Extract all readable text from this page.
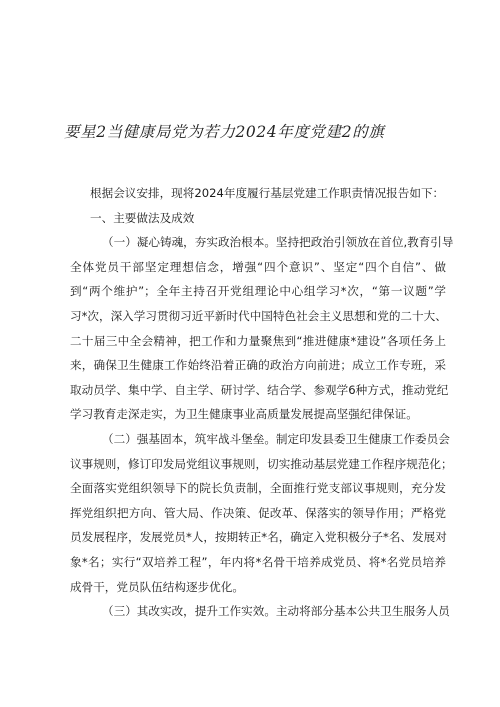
要星2当健康局党为若力2024年度党建2的旗
根据会议安排，现将2024年度履行基层党建工作职责情况报告如下：
一、主要做法及成效
（一）凝心铸魂，夯实政治根本。坚持把政治引领放在首位,教育引导
全体党员干部坚定理想信念，增强“四个意识”、坚定“四个自信”、做
到“两个维护”；全年主持召开党组理论中心组学习*次，“第一议题”学
习*次，深入学习贯彻习近平新时代中国特色社会主义思想和党的二十大、
二十届三中全会精神，把工作和力量聚焦到“推进健康*建设”各项任务上
来，确保卫生健康工作始终沿着正确的政治方向前进；成立工作专班，采
取动员学、集中学、自主学、研讨学、结合学、参观学6种方式，推动党纪
学习教育走深走实，为卫生健康事业高质量发展提高坚强纪律保证。
（二）强基固本，筑牢战斗堡垒。制定印发县委卫生健康工作委员会
议事规则，修订印发局党组议事规则，切实推动基层党建工作程序规范化；
全面落实党组织领导下的院长负责制，全面推行党支部议事规则，充分发
挥党组织把方向、管大局、作决策、促改革、保落实的领导作用；严格党
员发展程序，发展党员*人，按期转正*名，确定入党积极分子*名、发展对
象*名；实行“双培养工程”，年内将*名骨干培养成党员、将*名党员培养
成骨干，党员队伍结构逐步优化。
（三）其改实改，提升工作实效。主动将部分基本公共卫生服务人员
